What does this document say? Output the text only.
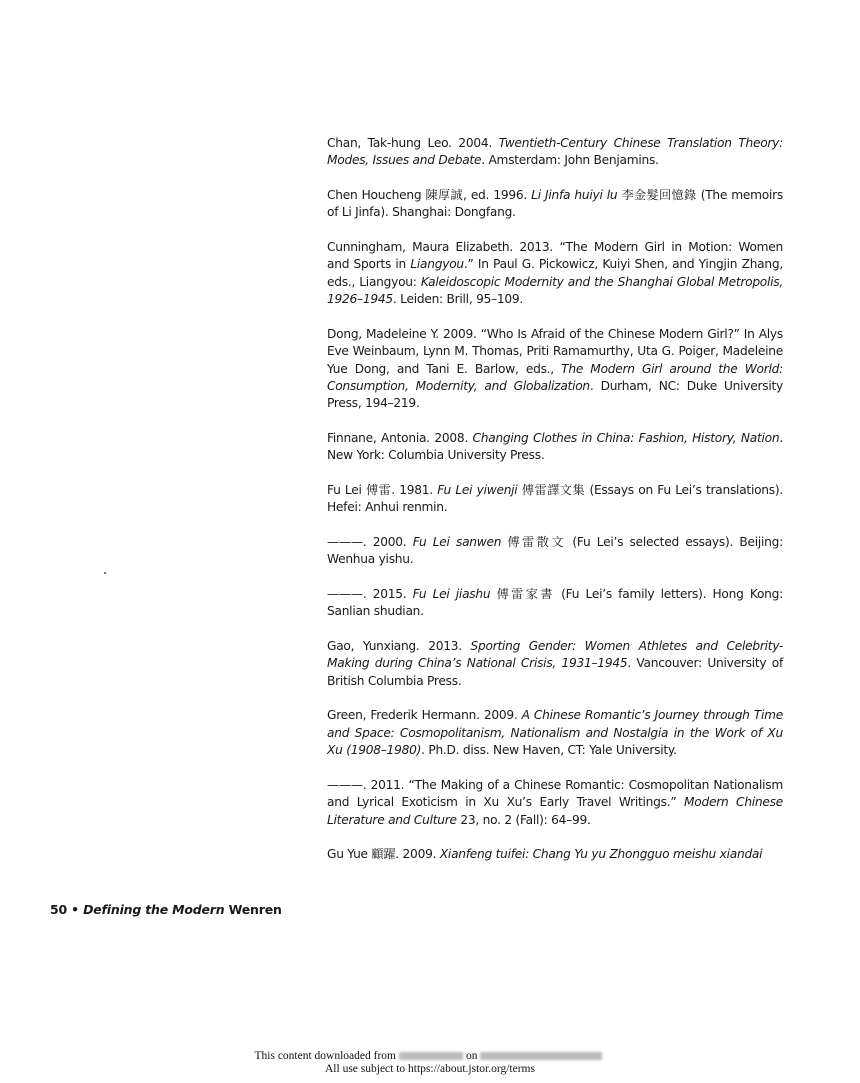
Chan, Tak-hung Leo. 2004. Twentieth-Century Chinese Translation Theory: Modes, Issues and Debate. Amsterdam: John Benjamins.

Chen Houcheng 陳厚誠, ed. 1996. Li Jinfa huiyi lu 李金髮回憶錄 (The memoirs of Li Jinfa). Shanghai: Dongfang.

Cunningham, Maura Elizabeth. 2013. “The Modern Girl in Motion: Women and Sports in Liangyou.” In Paul G. Pickowicz, Kuiyi Shen, and Yingjin Zhang, eds., Liangyou: Kaleidoscopic Modernity and the Shanghai Global Metropolis, 1926–1945. Leiden: Brill, 95–109.

Dong, Madeleine Y. 2009. “Who Is Afraid of the Chinese Modern Girl?” In Alys Eve Weinbaum, Lynn M. Thomas, Priti Ramamurthy, Uta G. Poiger, Madeleine Yue Dong, and Tani E. Barlow, eds., The Modern Girl around the World: Consumption, Modernity, and Globalization. Durham, NC: Duke University Press, 194–219.

Finnane, Antonia. 2008. Changing Clothes in China: Fashion, History, Nation. New York: Columbia University Press.

Fu Lei 傅雷. 1981. Fu Lei yiwenji 傅雷譯文集 (Essays on Fu Lei’s translations). Hefei: Anhui renmin.

———. 2000. Fu Lei sanwen 傅雷散文 (Fu Lei’s selected essays). Beijing: Wenhua yishu.

———. 2015. Fu Lei jiashu 傅雷家書 (Fu Lei’s family letters). Hong Kong: Sanlian shudian.

Gao, Yunxiang. 2013. Sporting Gender: Women Athletes and Celebrity-Making during China’s National Crisis, 1931–1945. Vancouver: University of British Columbia Press.

Green, Frederik Hermann. 2009. A Chinese Romantic’s Journey through Time and Space: Cosmopolitanism, Nationalism and Nostalgia in the Work of Xu Xu (1908–1980). Ph.D. diss. New Haven, CT: Yale University.

———. 2011. “The Making of a Chinese Romantic: Cosmopolitan Nationalism and Lyrical Exoticism in Xu Xu’s Early Travel Writings.” Modern Chinese Literature and Culture 23, no. 2 (Fall): 64–99.

Gu Yue 顧躍. 2009. Xianfeng tuifei: Chang Yu yu Zhongguo meishu xiandai

50 • Defining the Modern Wenren
This content downloaded from	on
All use subject to https://about.jstor.org/terms
